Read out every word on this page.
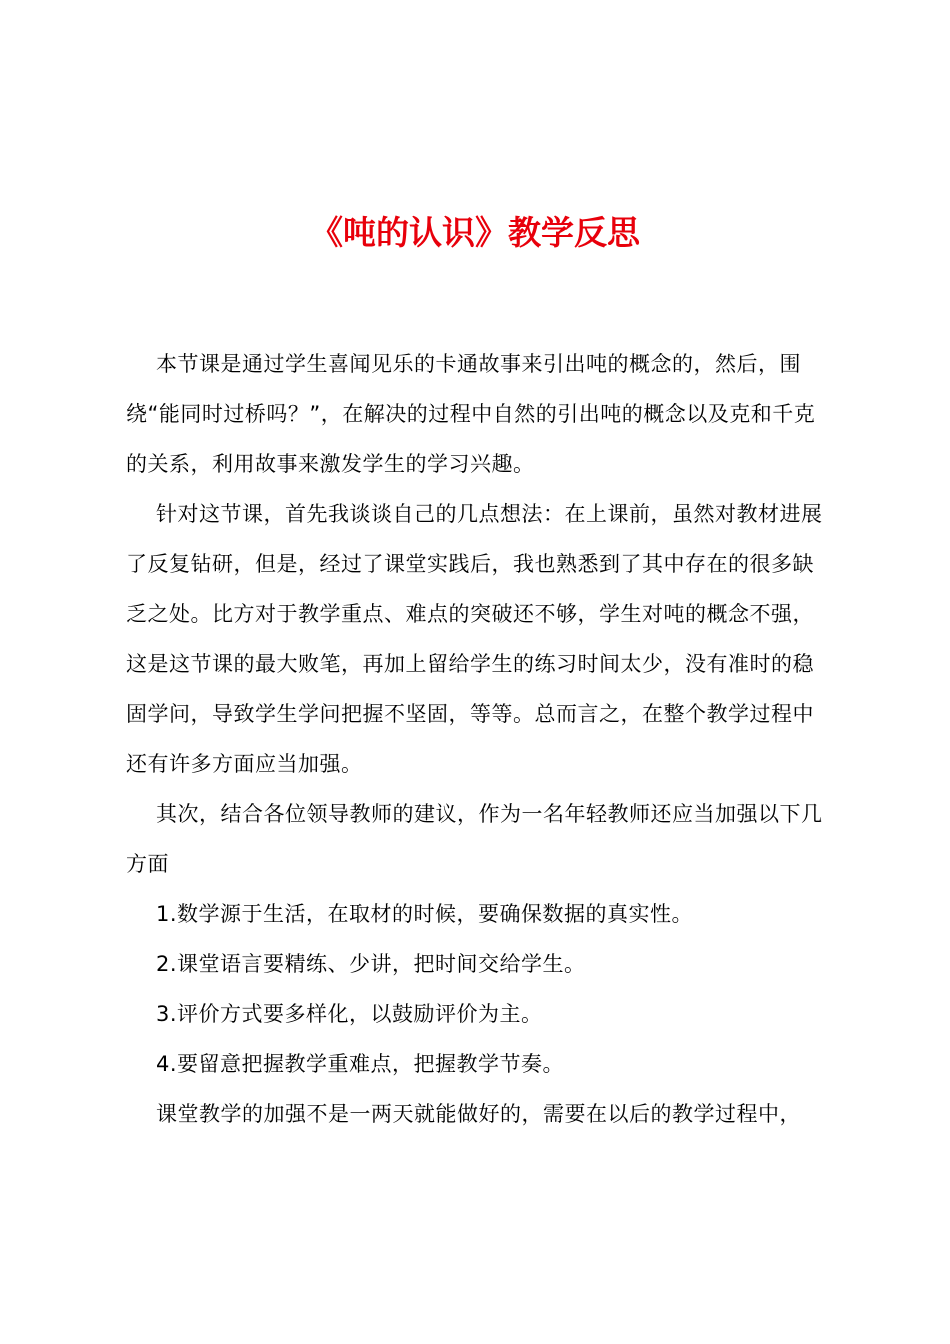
《吨的认识》教学反思

本节课是通过学生喜闻见乐的卡通故事来引出吨的概念的，然后，围绕“能同时过桥吗？”，在解决的过程中自然的引出吨的概念以及克和千克的关系，利用故事来激发学生的学习兴趣。

针对这节课，首先我谈谈自己的几点想法：在上课前，虽然对教材进展了反复钻研，但是，经过了课堂实践后，我也熟悉到了其中存在的很多缺乏之处。比方对于教学重点、难点的突破还不够，学生对吨的概念不强，这是这节课的最大败笔，再加上留给学生的练习时间太少，没有准时的稳固学问，导致学生学问把握不坚固，等等。总而言之，在整个教学过程中还有许多方面应当加强。

其次，结合各位领导教师的建议，作为一名年轻教师还应当加强以下几方面

1.数学源于生活，在取材的时候，要确保数据的真实性。

2.课堂语言要精练、少讲，把时间交给学生。

3.评价方式要多样化，以鼓励评价为主。

4.要留意把握教学重难点，把握教学节奏。

课堂教学的加强不是一两天就能做好的，需要在以后的教学过程中，
